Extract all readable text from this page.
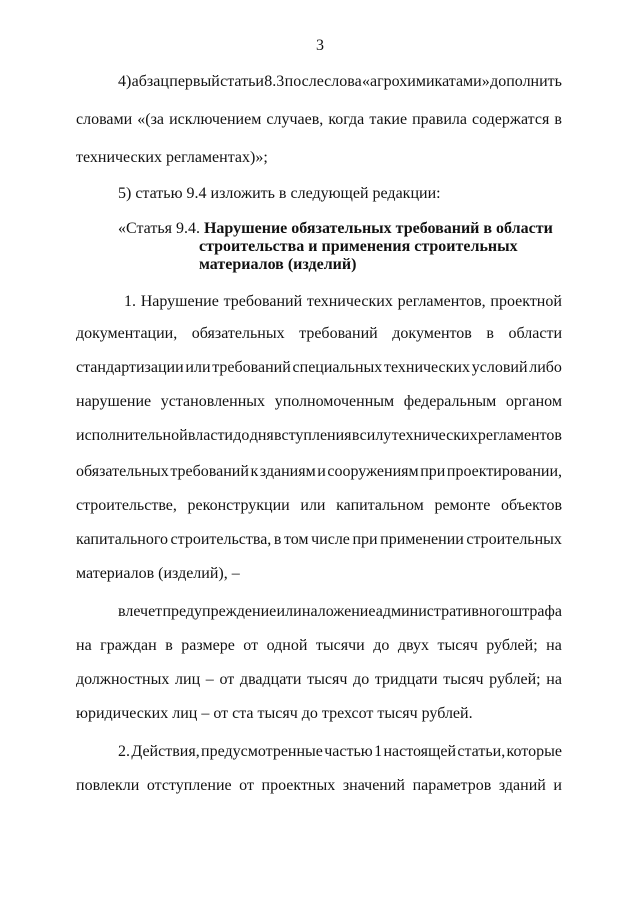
3
4) абзац первый статьи 8.3 после слова «агрохимикатами» дополнить
словами «(за исключением случаев, когда такие правила содержатся в
технических регламентах)»;
5) статью 9.4 изложить в следующей редакции:
1. Нарушение требований технических регламентов, проектной
документации, обязательных требований документов в области
стандартизации или требований специальных технических условий либо
нарушение установленных уполномоченным федеральным органом
исполнительной власти до дня вступления в силу технических регламентов
обязательных требований к зданиям и сооружениям при проектировании,
строительстве, реконструкции или капитальном ремонте объектов
капитального строительства, в том числе при применении строительных
материалов (изделий), –
влечет предупреждение или наложение административного штрафа
на граждан в размере от одной тысячи до двух тысяч рублей; на
должностных лиц – от двадцати тысяч до тридцати тысяч рублей; на
юридических лиц – от ста тысяч до трехсот тысяч рублей.
2. Действия, предусмотренные частью 1 настоящей статьи, которые
повлекли отступление от проектных значений параметров зданий и
«Статья 9.4. Нарушение обязательных требований в области
строительства и применения строительных
материалов (изделий)
